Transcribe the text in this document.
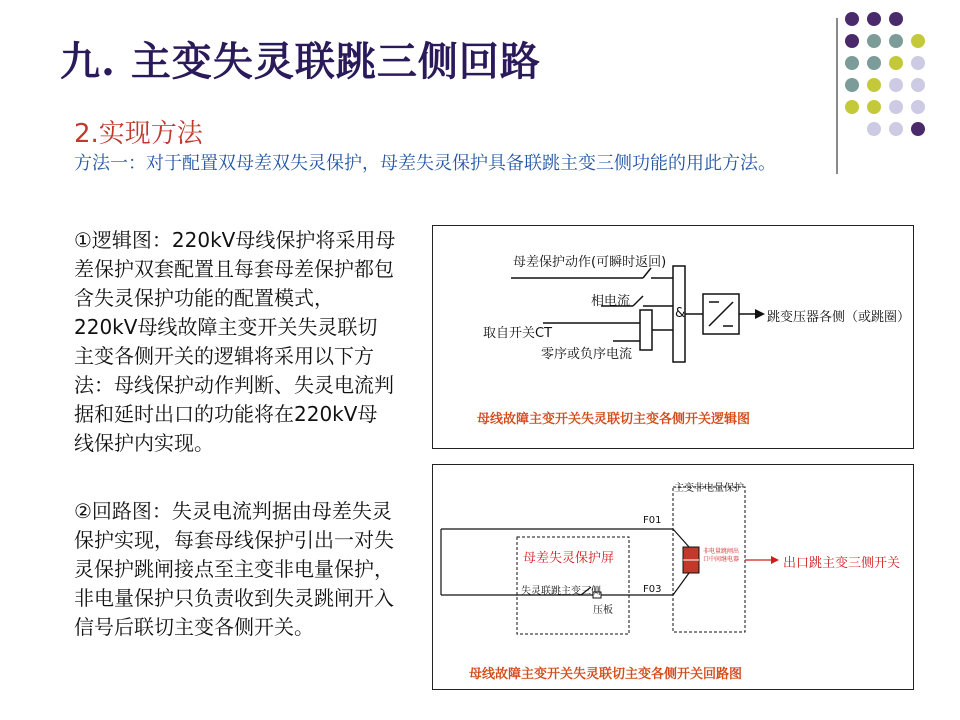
九. 主变失灵联跳三侧回路
2.实现方法
方法一：对于配置双母差双失灵保护，母差失灵保护具备联跳主变三侧功能的用此方法。
①逻辑图：220kV母线保护将采用母差保护双套配置且每套母差保护都包含失灵保护功能的配置模式，220kV母线故障主变开关失灵联切主变各侧开关的逻辑将采用以下方法：母线保护动作判断、失灵电流判据和延时出口的功能将在220kV母线保护内实现。
②回路图：失灵电流判据由母差失灵保护实现，每套母线保护引出一对失灵保护跳闸接点至主变非电量保护，非电量保护只负责收到失灵跳闸开入信号后联切主变各侧开关。
母差保护动作(可瞬时返回)
相电流
取自开关CT
零序或负序电流
&	跳变压器各侧（或跳圈）
母线故障主变开关失灵联切主变各侧开关逻辑图
主变非电量保护
F01
F03
母差失灵保护屏
失灵联跳主变三侧
压板
非电量跳闸出口中间继电器	出口跳主变三侧开关
母线故障主变开关失灵联切主变各侧开关回路图
